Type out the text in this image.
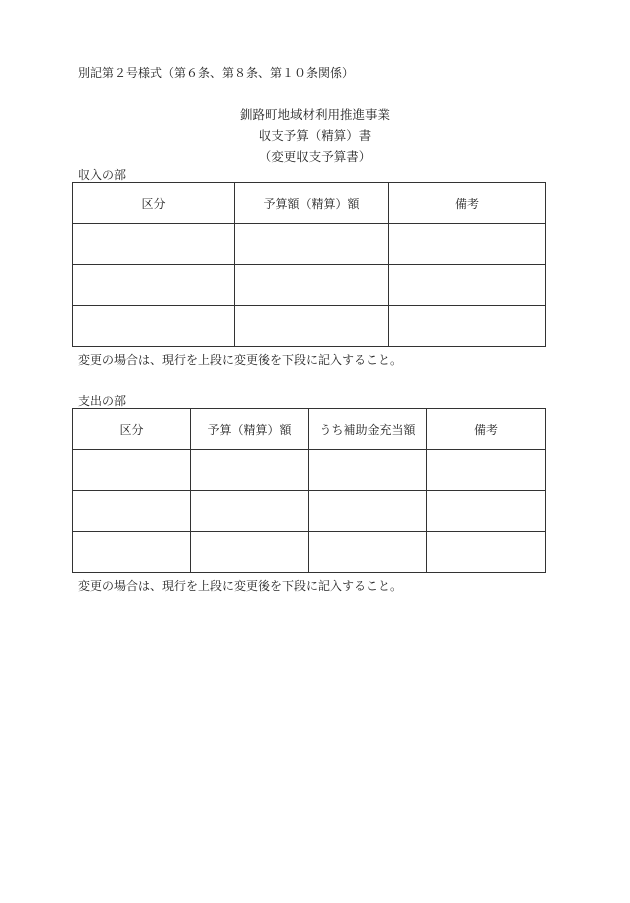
別記第２号様式（第６条、第８条、第１０条関係）
釧路町地域材利用推進事業
収支予算（精算）書
（変更収支予算書）
収入の部
区分	予算額（精算）額	備考

変更の場合は、現行を上段に変更後を下段に記入すること。
支出の部
区分	予算（精算）額	うち補助金充当額	備考

変更の場合は、現行を上段に変更後を下段に記入すること。
